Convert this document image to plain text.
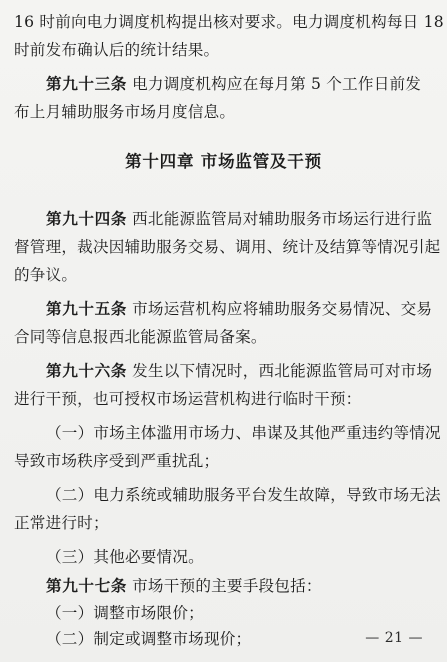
16 时前向电力调度机构提出核对要求。电力调度机构每日 18
时前发布确认后的统计结果。
第九十三条 电力调度机构应在每月第 5 个工作日前发
布上月辅助服务市场月度信息。
第十四章 市场监管及干预
第九十四条 西北能源监管局对辅助服务市场运行进行监
督管理，裁决因辅助服务交易、调用、统计及结算等情况引起
的争议。
第九十五条 市场运营机构应将辅助服务交易情况、交易
合同等信息报西北能源监管局备案。
第九十六条 发生以下情况时，西北能源监管局可对市场
进行干预，也可授权市场运营机构进行临时干预：
（一）市场主体滥用市场力、串谋及其他严重违约等情况
导致市场秩序受到严重扰乱；
（二）电力系统或辅助服务平台发生故障，导致市场无法
正常进行时；
（三）其他必要情况。
第九十七条 市场干预的主要手段包括：
（一）调整市场限价；
（二）制定或调整市场现价；	— 21 —
